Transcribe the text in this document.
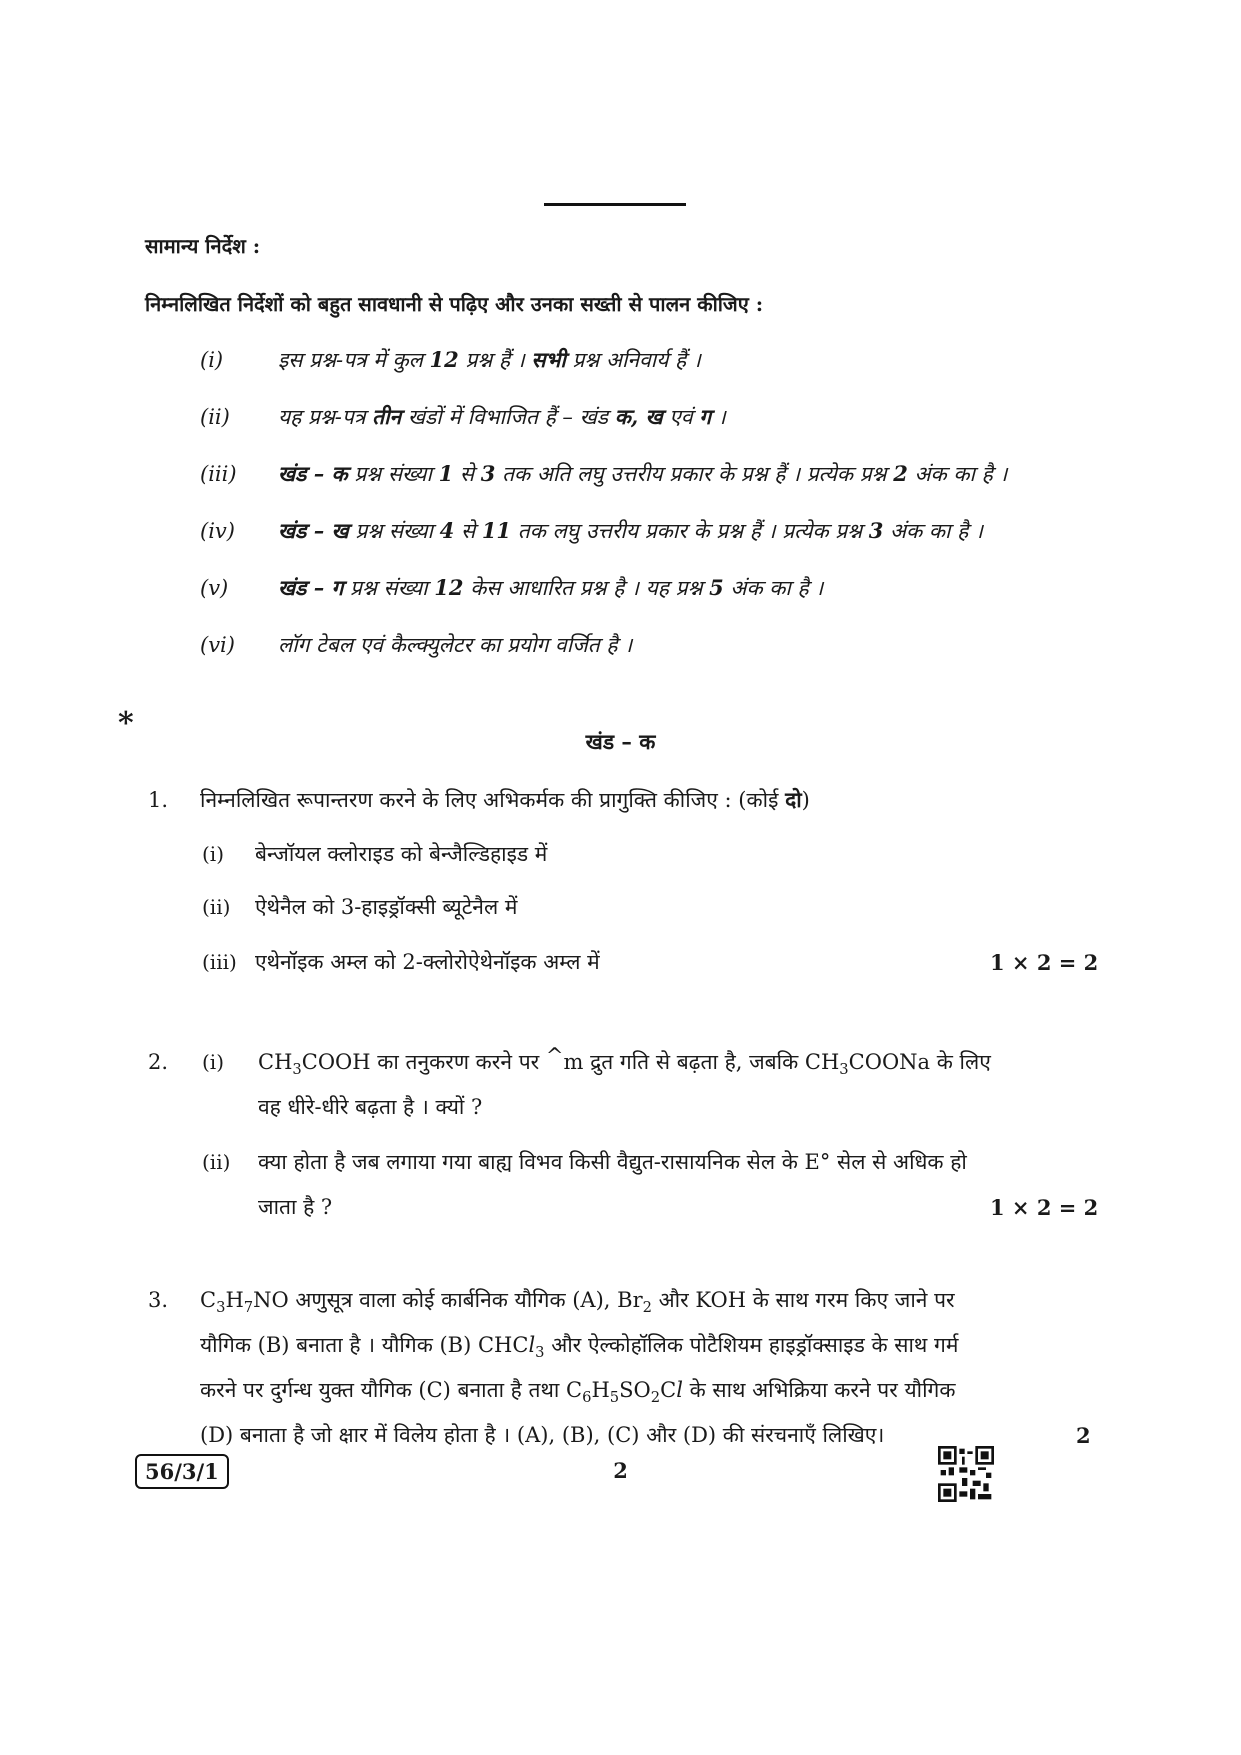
सामान्य निर्देश :
निम्नलिखित निर्देशों को बहुत सावधानी से पढ़िए और उनका सख्ती से पालन कीजिए :
(i)	इस प्रश्न-पत्र में कुल 12 प्रश्न हैं । सभी प्रश्न अनिवार्य हैं ।
(ii) यह प्रश्न-पत्र तीन खंडों में विभाजित हैं – खंड क, ख एवं ग ।
(iii) खंड – क प्रश्न संख्या 1 से 3 तक अति लघु उत्तरीय प्रकार के प्रश्न हैं । प्रत्येक प्रश्न 2 अंक का है ।
(iv) खंड – ख प्रश्न संख्या 4 से 11 तक लघु उत्तरीय प्रकार के प्रश्न हैं । प्रत्येक प्रश्न 3 अंक का है ।
(v) खंड – ग प्रश्न संख्या 12 केस आधारित प्रश्न है । यह प्रश्न 5 अंक का है ।
(vi) लॉग टेबल एवं कैल्क्युलेटर का प्रयोग वर्जित है ।
*
खंड – क
1. निम्नलिखित रूपान्तरण करने के लिए अभिकर्मक की प्रागुक्ति कीजिए : (कोई दो)
(i) बेन्जॉयल क्लोराइड को बेन्जैल्डिहाइड में
(ii) ऐथेनैल को 3-हाइड्रॉक्सी ब्यूटेनैल में
(iii) एथेनॉइक अम्ल को 2-क्लोरोऐथेनॉइक अम्ल में	1 × 2 = 2
2. (i) $CH_3COOH$ का तनुकरण करने पर ^m द्रुत गति से बढ़ता है, जबकि $CH_3COONa$ के लिए
वह धीरे-धीरे बढ़ता है । क्यों ?
(ii) क्या होता है जब लगाया गया बाह्य विभव किसी वैद्युत-रासायनिक सेल के E° सेल से अधिक हो
जाता है ?	1 × 2 = 2
3. $C_3H_7NO$ अणुसूत्र वाला कोई कार्बनिक यौगिक (A), $Br_2$ और KOH के साथ गरम किए जाने पर
यौगिक (B) बनाता है । यौगिक (B) CHCl$_3$ और ऐल्कोहॉलिक पोटैशियम हाइड्रॉक्साइड के साथ गर्म
करने पर दुर्गन्ध युक्त यौगिक (C) बनाता है तथा $C_6H_5SO_2Cl$ के साथ अभिक्रिया करने पर यौगिक
(D) बनाता है जो क्षार में विलेय होता है । (A), (B), (C) और (D) की संरचनाएँ लिखिए।	2
56/3/1	2
